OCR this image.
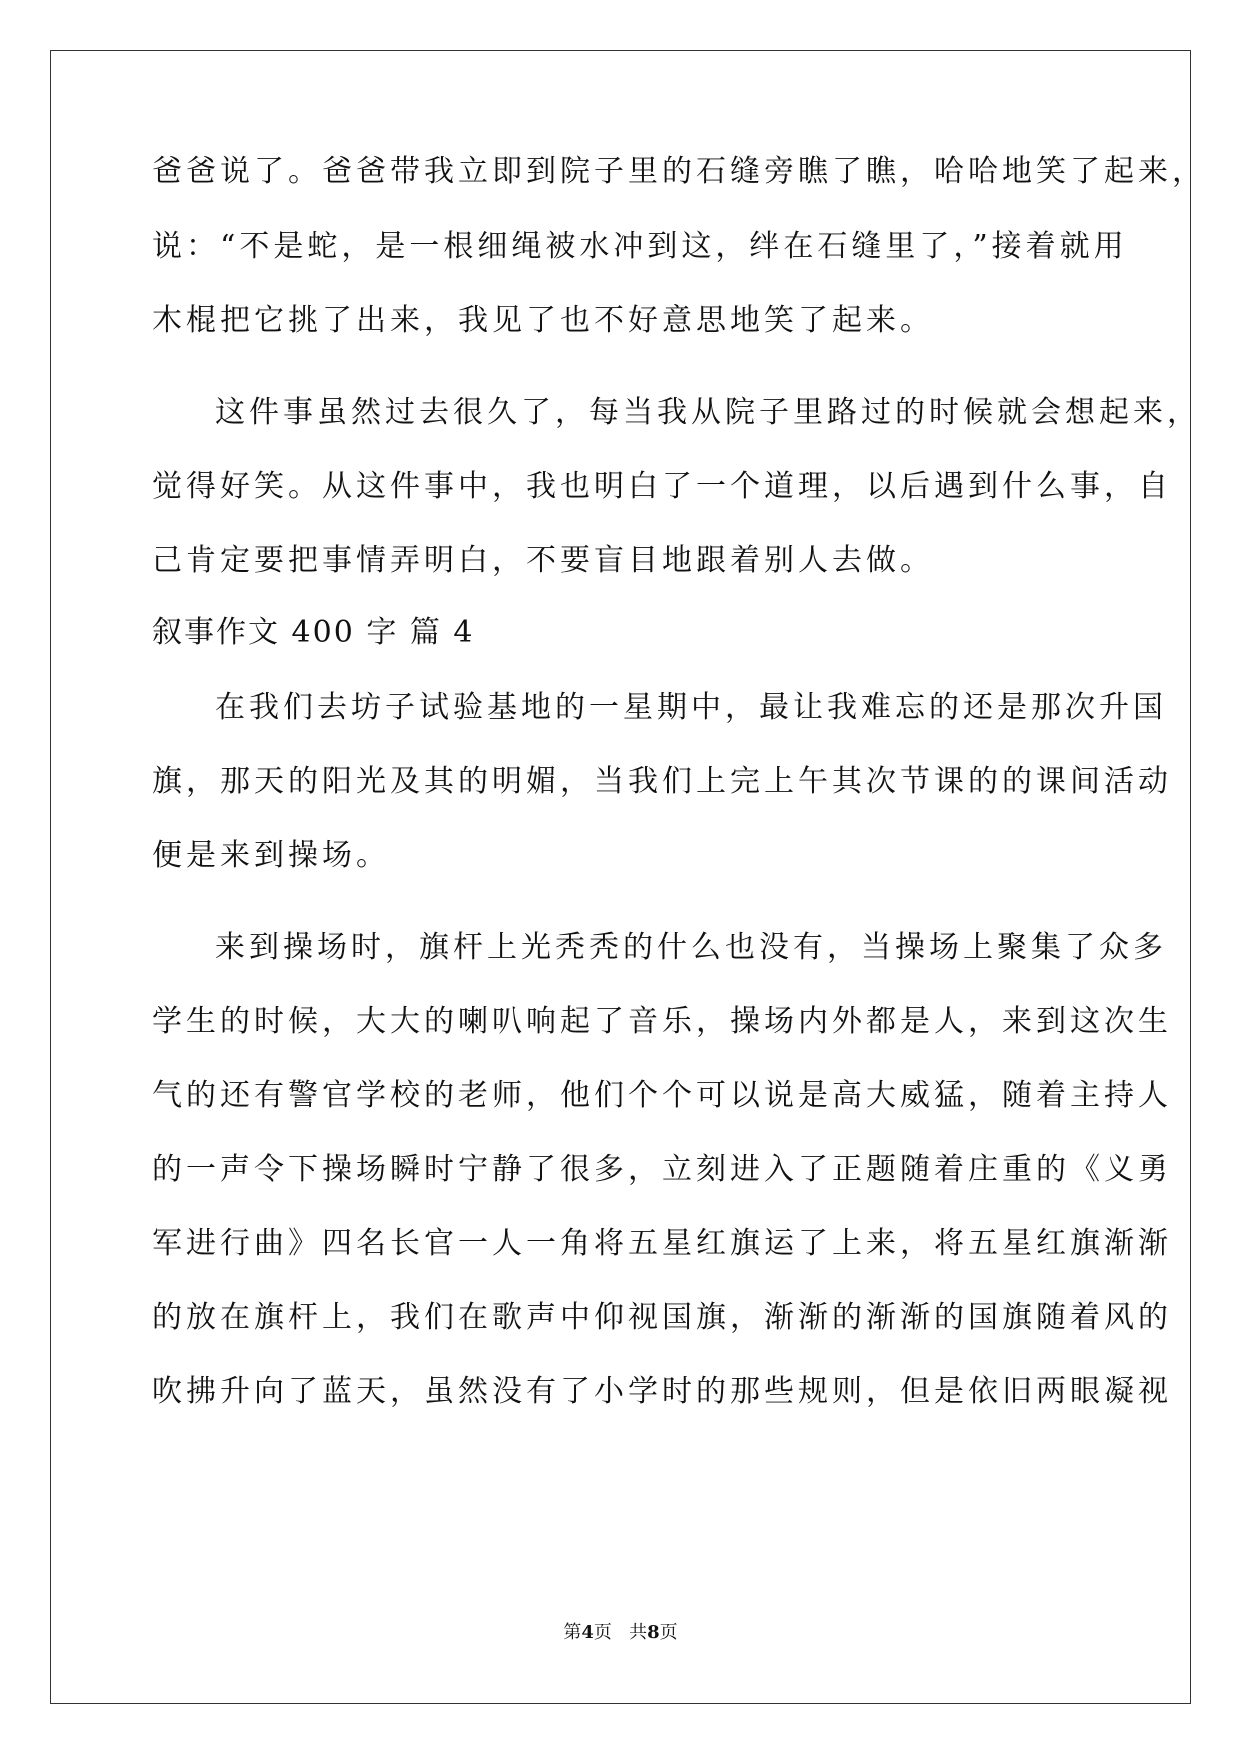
爸爸说了。爸爸带我立即到院子里的石缝旁瞧了瞧，哈哈地笑了起来，
说：“不是蛇，是一根细绳被水冲到这，绊在石缝里了，”接着就用
木棍把它挑了出来，我见了也不好意思地笑了起来。
这件事虽然过去很久了，每当我从院子里路过的时候就会想起来，
觉得好笑。从这件事中，我也明白了一个道理，以后遇到什么事，自
己肯定要把事情弄明白，不要盲目地跟着别人去做。
叙事作文 400 字 篇 4
在我们去坊子试验基地的一星期中，最让我难忘的还是那次升国
旗，那天的阳光及其的明媚，当我们上完上午其次节课的的课间活动
便是来到操场。
来到操场时，旗杆上光秃秃的什么也没有，当操场上聚集了众多
学生的时候，大大的喇叭响起了音乐，操场内外都是人，来到这次生
气的还有警官学校的老师，他们个个可以说是高大威猛，随着主持人
的一声令下操场瞬时宁静了很多，立刻进入了正题随着庄重的《义勇
军进行曲》四名长官一人一角将五星红旗运了上来，将五星红旗渐渐
的放在旗杆上，我们在歌声中仰视国旗，渐渐的渐渐的国旗随着风的
吹拂升向了蓝天，虽然没有了小学时的那些规则，但是依旧两眼凝视
第4页   共8页
